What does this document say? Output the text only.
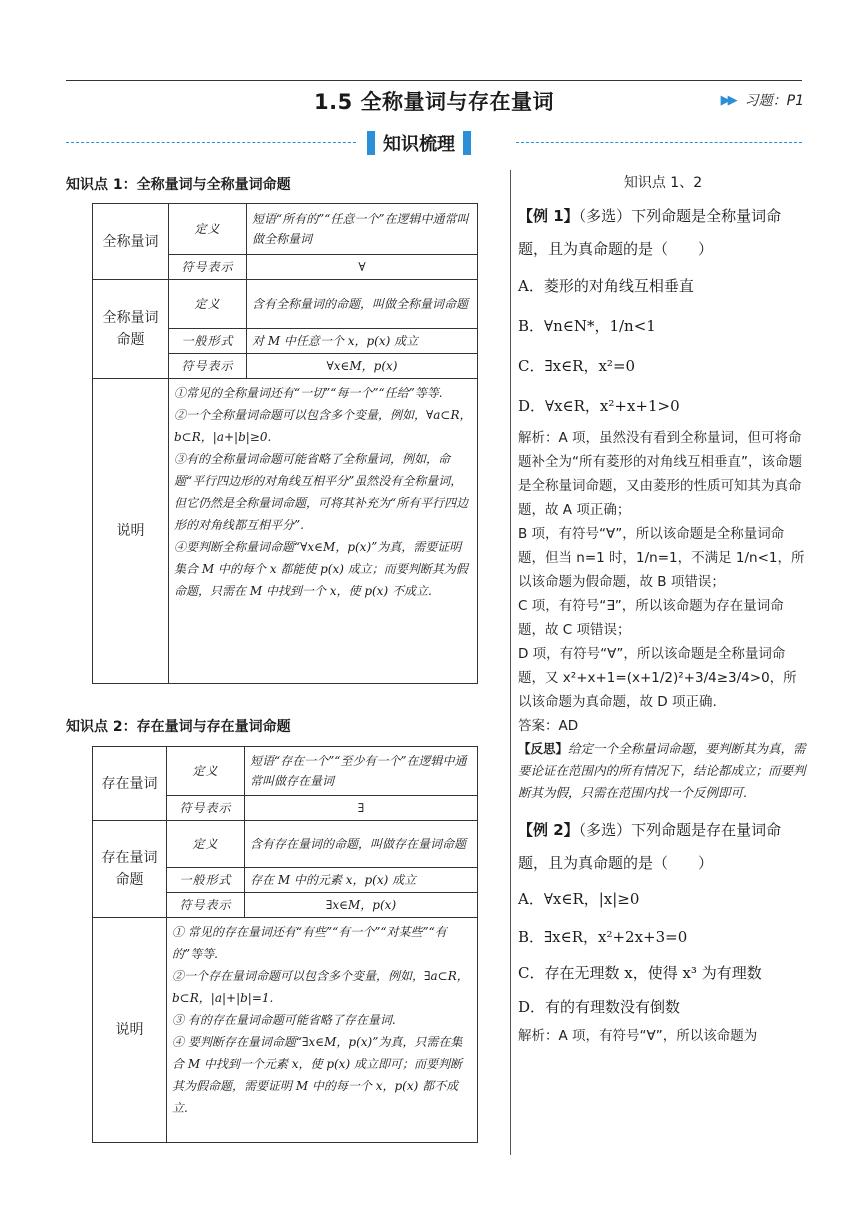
1.5 全称量词与存在量词	▶▶ 习题：P1
知识梳理
知识点 1：全称量词与全称量词命题
全称量词	定义	短语“所有的”“任意一个”在逻辑中通常叫做全称量词
	符号表示	∀
全称量词命题	定义	含有全称量词的命题，叫做全称量词命题
	一般形式	对 M 中任意一个 x，p(x) 成立
	符号表示	∀x∈M，p(x)
说明	①常见的全称量词还有“一切”“每一个”“任给”等等.
②一个全称量词命题可以包含多个变量，例如，∀a⊂R，b⊂R，|a+|b|≥0.
③有的全称量词命题可能省略了全称量词，例如，命题“平行四边形的对角线互相平分”虽然没有全称量词，但它仍然是全称量词命题，可将其补充为“所有平行四边形的对角线都互相平分”.
④要判断全称量词命题“∀x∈M，p(x)”为真，需要证明集合 M 中的每个 x 都能使 p(x) 成立；而要判断其为假命题，只需在 M 中找到一个 x，使 p(x) 不成立.	
知识点 2：存在量词与存在量词命题
存在量词	定义	短语“存在一个”“至少有一个”在逻辑中通常叫做存在量词
	符号表示	∃
存在量词命题	定义	含有存在量词的命题，叫做存在量词命题
	一般形式	存在 M 中的元素 x，p(x) 成立
	符号表示	∃x∈M，p(x)
说明	① 常见的存在量词还有“有些”“有一个”“对某些”“有的”等等.
②一个存在量词命题可以包含多个变量，例如，∃a⊂R，b⊂R，|a|+|b|=1.
③ 有的存在量词命题可能省略了存在量词.
④ 要判断存在量词命题“∃x∈M，p(x)”为真，只需在集合 M 中找到一个元素 x，使 p(x) 成立即可；而要判断其为假命题，需要证明 M 中的每一个 x，p(x) 都不成立.	
知识点 1、2
【例 1】（多选）下列命题是全称量词命题，且为真命题的是（　　）
A．菱形的对角线互相垂直
B．∀n∈N*，1/n<1
C．∃x∈R，x²=0
D．∀x∈R，x²+x+1>0
解析：A 项，虽然没有看到全称量词，但可将命题补全为“所有菱形的对角线互相垂直”，该命题是全称量词命题，又由菱形的性质可知其为真命题，故 A 项正确；
B 项，有符号“∀”，所以该命题是全称量词命题，但当 n=1 时，1/n=1，不满足 1/n<1，所以该命题为假命题，故 B 项错误；
C 项，有符号“∃”，所以该命题为存在量词命题，故 C 项错误；
D 项，有符号“∀”，所以该命题是全称量词命题，又 x²+x+1=(x+1/2)²+3/4≥3/4>0，所以该命题为真命题，故 D 项正确.
答案：AD
【反思】给定一个全称量词命题，要判断其为真，需要论证在范围内的所有情况下，结论都成立；而要判断其为假，只需在范围内找一个反例即可.
【例 2】（多选）下列命题是存在量词命题，且为真命题的是（　　）
A．∀x∈R，|x|≥0
B．∃x∈R，x²+2x+3=0
C．存在无理数 x，使得 x³ 为有理数
D．有的有理数没有倒数
解析：A 项，有符号“∀”，所以该命题为
